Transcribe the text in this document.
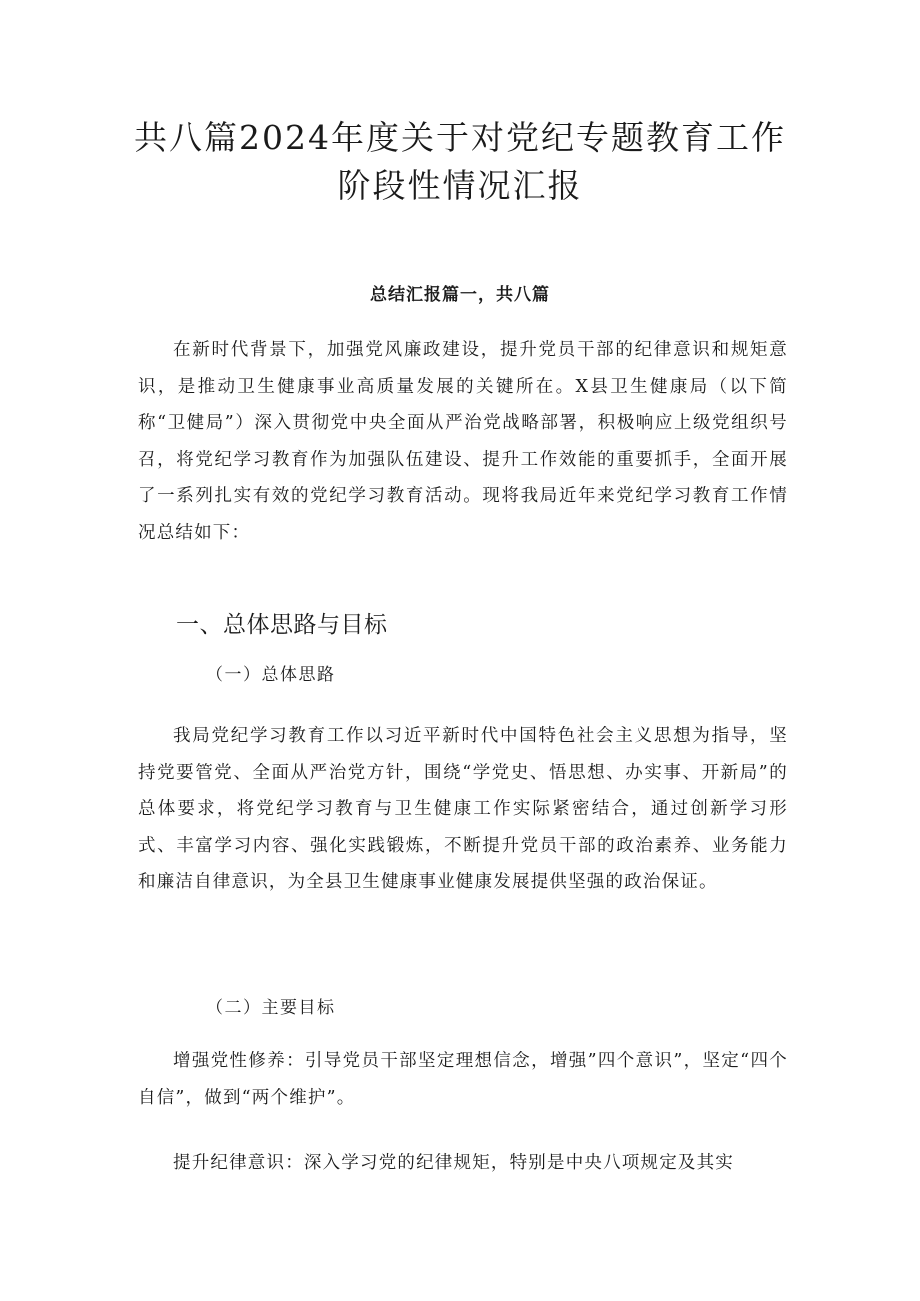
共八篇2024年度关于对党纪专题教育工作
阶段性情况汇报
总结汇报篇一，共八篇
在新时代背景下，加强党风廉政建设，提升党员干部的纪律意识和规矩意识，是推动卫生健康事业高质量发展的关键所在。X县卫生健康局（以下简称“卫健局”）深入贯彻党中央全面从严治党战略部署，积极响应上级党组织号召，将党纪学习教育作为加强队伍建设、提升工作效能的重要抓手，全面开展了一系列扎实有效的党纪学习教育活动。现将我局近年来党纪学习教育工作情况总结如下：
一、总体思路与目标
（一）总体思路
我局党纪学习教育工作以习近平新时代中国特色社会主义思想为指导，坚持党要管党、全面从严治党方针，围绕“学党史、悟思想、办实事、开新局”的总体要求，将党纪学习教育与卫生健康工作实际紧密结合，通过创新学习形式、丰富学习内容、强化实践锻炼，不断提升党员干部的政治素养、业务能力和廉洁自律意识，为全县卫生健康事业健康发展提供坚强的政治保证。
（二）主要目标
增强党性修养：引导党员干部坚定理想信念，增强”四个意识”，坚定“四个自信”，做到“两个维护”。
提升纪律意识：深入学习党的纪律规矩，特别是中央八项规定及其实
